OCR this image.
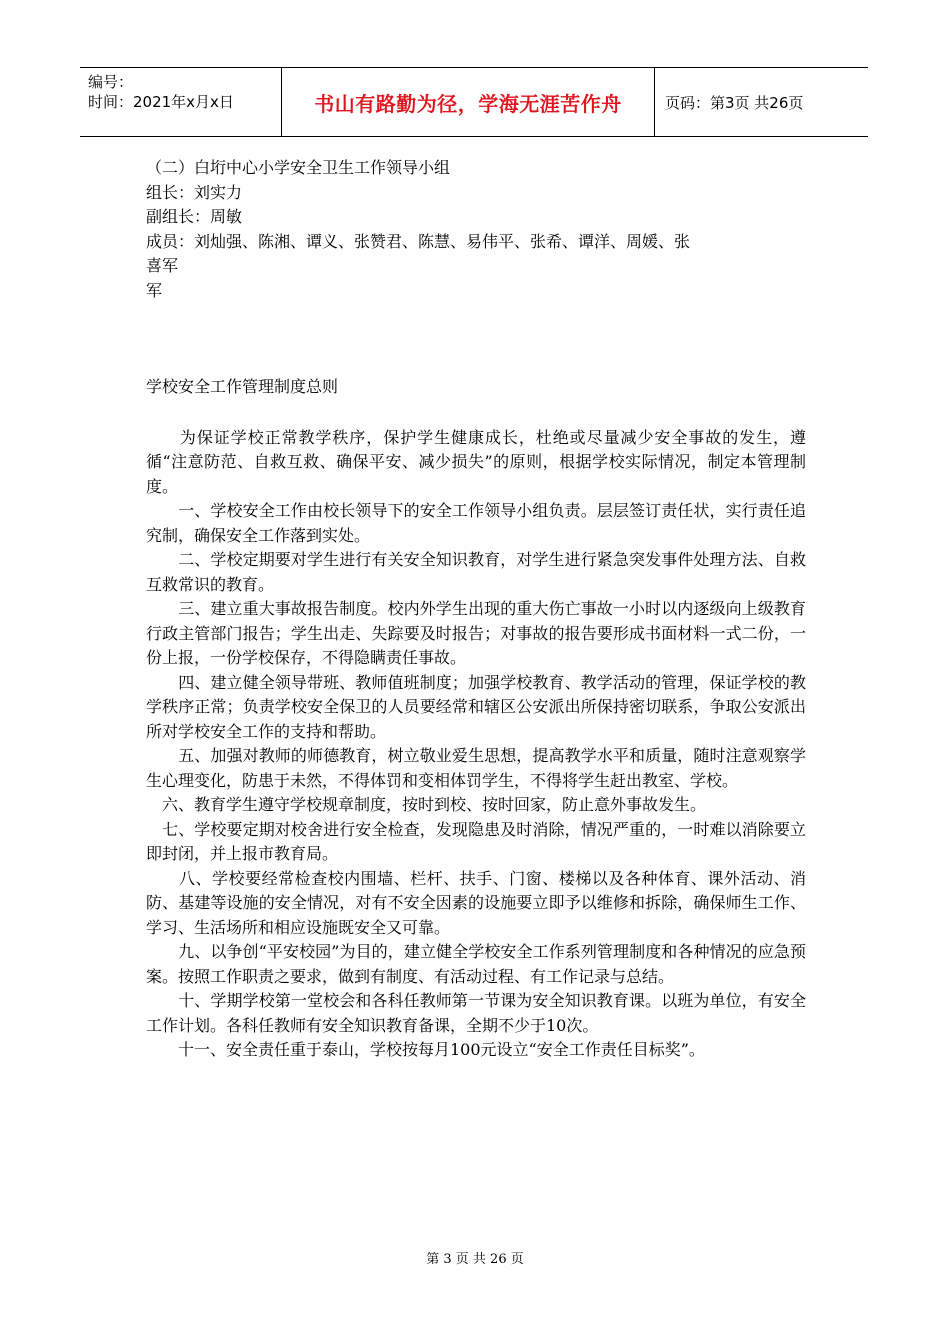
编号：
时间：2021年x月x日	书山有路勤为径，学海无涯苦作舟	页码：第3页 共26页
（二）白垳中心小学安全卫生工作领导小组
组长：刘实力
副组长：周敏
成员：刘灿强、陈湘、谭义、张赞君、陈慧、易伟平、张希、谭洋、周媛、张
喜军
军

学校安全工作管理制度总则

　　为保证学校正常教学秩序，保护学生健康成长，杜绝或尽量减少安全事故的发生，遵循“注意防范、自救互救、确保平安、减少损失”的原则，根据学校实际情况，制定本管理制度。

　　一、学校安全工作由校长领导下的安全工作领导小组负责。层层签订责任状，实行责任追究制，确保安全工作落到实处。

　　二、学校定期要对学生进行有关安全知识教育，对学生进行紧急突发事件处理方法、自救互救常识的教育。

　　三、建立重大事故报告制度。校内外学生出现的重大伤亡事故一小时以内逐级向上级教育行政主管部门报告；学生出走、失踪要及时报告；对事故的报告要形成书面材料一式二份，一份上报，一份学校保存，不得隐瞒责任事故。

　　四、建立健全领导带班、教师值班制度；加强学校教育、教学活动的管理，保证学校的教学秩序正常；负责学校安全保卫的人员要经常和辖区公安派出所保持密切联系，争取公安派出所对学校安全工作的支持和帮助。

　　五、加强对教师的师德教育，树立敬业爱生思想，提高教学水平和质量，随时注意观察学生心理变化，防患于未然，不得体罚和变相体罚学生，不得将学生赶出教室、学校。

　六、教育学生遵守学校规章制度，按时到校、按时回家，防止意外事故发生。

　七、学校要定期对校舍进行安全检查，发现隐患及时消除，情况严重的，一时难以消除要立即封闭，并上报市教育局。

　　八、学校要经常检查校内围墙、栏杆、扶手、门窗、楼梯以及各种体育、课外活动、消防、基建等设施的安全情况，对有不安全因素的设施要立即予以维修和拆除，确保师生工作、学习、生活场所和相应设施既安全又可靠。

　　九、以争创“平安校园”为目的，建立健全学校安全工作系列管理制度和各种情况的应急预案。按照工作职责之要求，做到有制度、有活动过程、有工作记录与总结。

　　十、学期学校第一堂校会和各科任教师第一节课为安全知识教育课。以班为单位，有安全工作计划。各科任教师有安全知识教育备课，全期不少于10次。

　　十一、安全责任重于泰山，学校按每月100元设立“安全工作责任目标奖”。

第 3 页 共 26 页
